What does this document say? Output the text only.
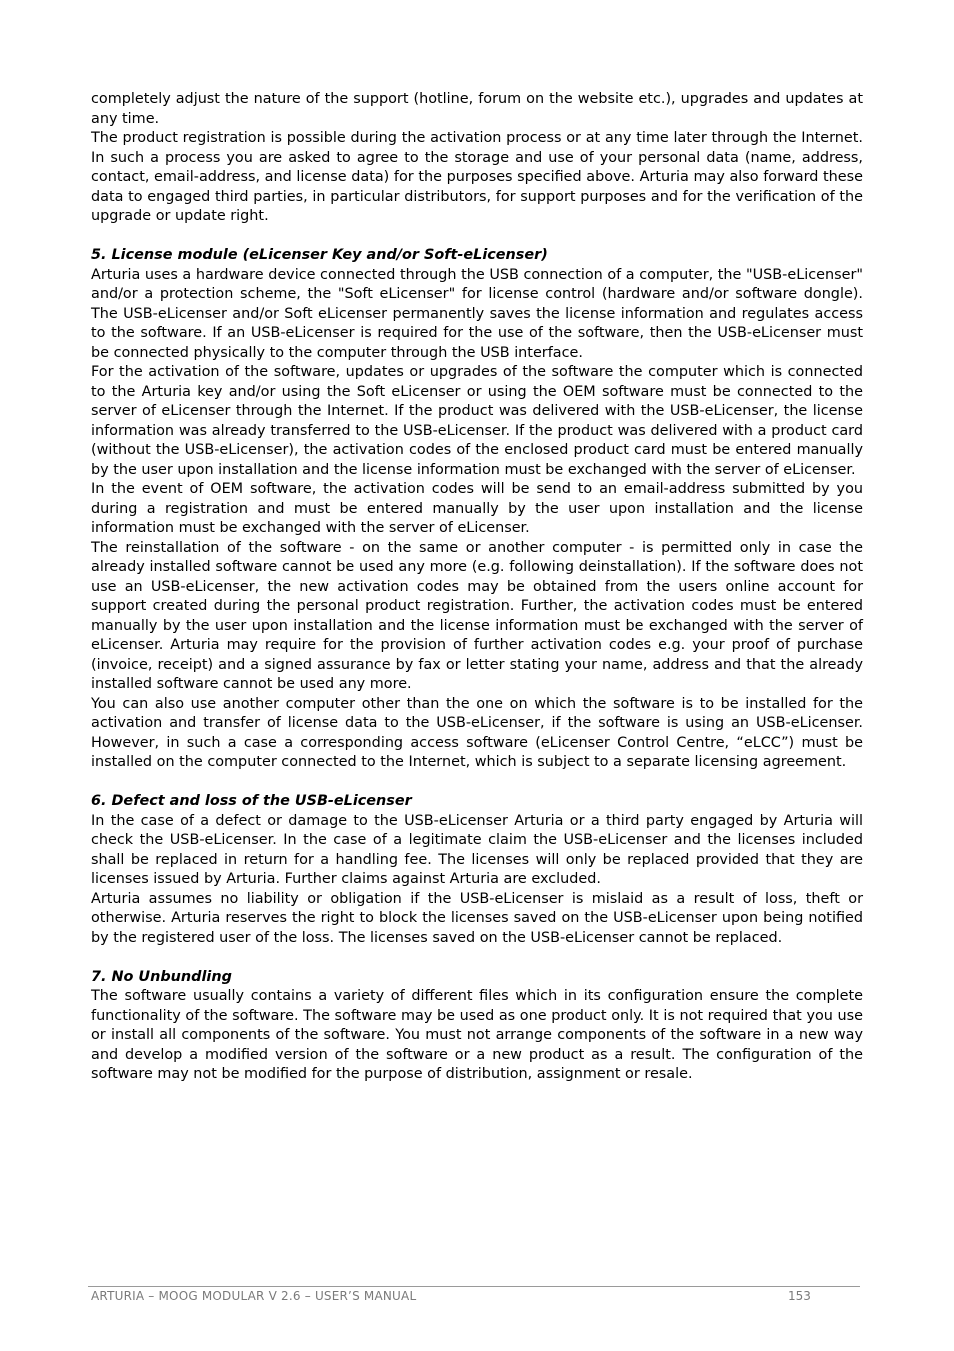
completely adjust the nature of the support (hotline, forum on the website etc.), upgrades and updates at any time.

The product registration is possible during the activation process or at any time later through the Internet. In such a process you are asked to agree to the storage and use of your personal data (name, address, contact, email-address, and license data) for the purposes specified above. Arturia may also forward these data to engaged third parties, in particular distributors, for support purposes and for the verification of the upgrade or update right.

5. License module (eLicenser Key and/or Soft-eLicenser)

Arturia uses a hardware device connected through the USB connection of a computer, the "USB-eLicenser" and/or a protection scheme, the "Soft eLicenser" for license control (hardware and/or software dongle). The USB-eLicenser and/or Soft eLicenser permanently saves the license information and regulates access to the software. If an USB-eLicenser is required for the use of the software, then the USB-eLicenser must be connected physically to the computer through the USB interface.

For the activation of the software, updates or upgrades of the software the computer which is connected to the Arturia key and/or using the Soft eLicenser or using the OEM software must be connected to the server of eLicenser through the Internet. If the product was delivered with the USB-eLicenser, the license information was already transferred to the USB-eLicenser. If the product was delivered with a product card (without the USB-eLicenser), the activation codes of the enclosed product card must be entered manually by the user upon installation and the license information must be exchanged with the server of eLicenser.

In the event of OEM software, the activation codes will be send to an email-address submitted by you during a registration and must be entered manually by the user upon installation and the license information must be exchanged with the server of eLicenser.

The reinstallation of the software - on the same or another computer - is permitted only in case the already installed software cannot be used any more (e.g. following deinstallation). If the software does not use an USB-eLicenser, the new activation codes may be obtained from the users online account for support created during the personal product registration. Further, the activation codes must be entered manually by the user upon installation and the license information must be exchanged with the server of eLicenser. Arturia may require for the provision of further activation codes e.g. your proof of purchase (invoice, receipt) and a signed assurance by fax or letter stating your name, address and that the already installed software cannot be used any more.

You can also use another computer other than the one on which the software is to be installed for the activation and transfer of license data to the USB-eLicenser, if the software is using an USB-eLicenser. However, in such a case a corresponding access software (eLicenser Control Centre, “eLCC”) must be installed on the computer connected to the Internet, which is subject to a separate licensing agreement.

6. Defect and loss of the USB-eLicenser

In the case of a defect or damage to the USB-eLicenser Arturia or a third party engaged by Arturia will check the USB-eLicenser. In the case of a legitimate claim the USB-eLicenser and the licenses included shall be replaced in return for a handling fee. The licenses will only be replaced provided that they are licenses issued by Arturia. Further claims against Arturia are excluded.

Arturia assumes no liability or obligation if the USB-eLicenser is mislaid as a result of loss, theft or otherwise. Arturia reserves the right to block the licenses saved on the USB-eLicenser upon being notified by the registered user of the loss. The licenses saved on the USB-eLicenser cannot be replaced.

7. No Unbundling

The software usually contains a variety of different files which in its configuration ensure the complete functionality of the software. The software may be used as one product only. It is not required that you use or install all components of the software. You must not arrange components of the software in a new way and develop a modified version of the software or a new product as a result. The configuration of the software may not be modified for the purpose of distribution, assignment or resale.

ARTURIA – MOOG MODULAR V 2.6 – USER’S MANUAL	153
